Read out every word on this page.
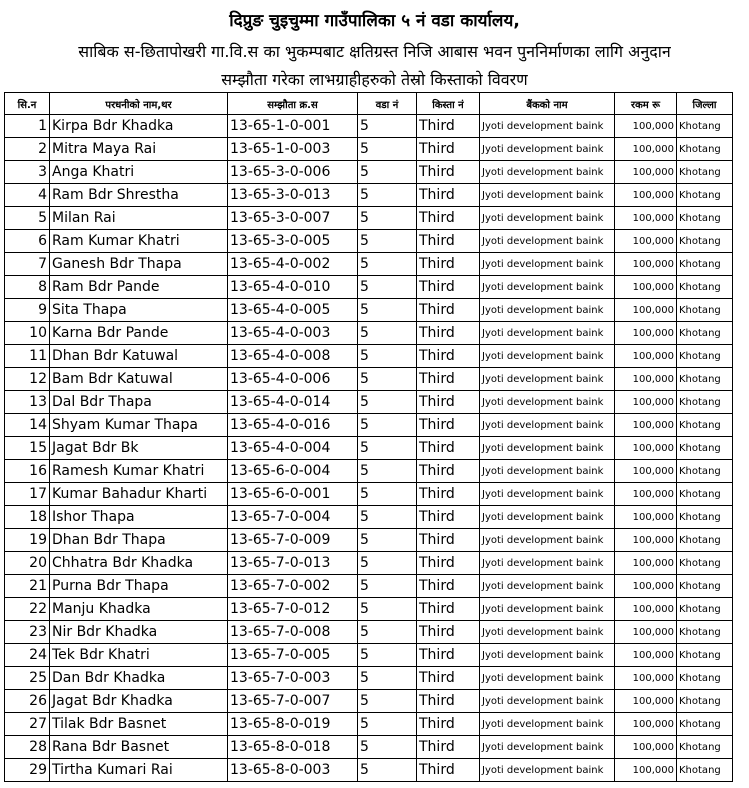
दिप्रुङ चुइचुम्मा गाउँपालिका ५ नं वडा कार्यालय,
साबिक स-छितापोखरी गा.वि.स का भुकम्पबाट क्षतिग्रस्त निजि आबास भवन पुननिर्माणका लागि अनुदान
सम्झौता गरेका लाभग्राहीहरुको तेस्रो किस्ताको विवरण
सि.न	परधनीको नाम,थर	सम्झौता क्र.स	वडा नं	किस्ता नं	बैंकको नाम	रकम रू	जिल्ला
1	Kirpa Bdr Khadka	13-65-1-0-001	5	Third	Jyoti development baink	100,000	Khotang
2	Mitra Maya Rai	13-65-1-0-003	5	Third	Jyoti development baink	100,000	Khotang
3	Anga Khatri	13-65-3-0-006	5	Third	Jyoti development baink	100,000	Khotang
4	Ram Bdr Shrestha	13-65-3-0-013	5	Third	Jyoti development baink	100,000	Khotang
5	Milan Rai	13-65-3-0-007	5	Third	Jyoti development baink	100,000	Khotang
6	Ram Kumar Khatri	13-65-3-0-005	5	Third	Jyoti development baink	100,000	Khotang
7	Ganesh Bdr Thapa	13-65-4-0-002	5	Third	Jyoti development baink	100,000	Khotang
8	Ram Bdr Pande	13-65-4-0-010	5	Third	Jyoti development baink	100,000	Khotang
9	Sita Thapa	13-65-4-0-005	5	Third	Jyoti development baink	100,000	Khotang
10	Karna Bdr Pande	13-65-4-0-003	5	Third	Jyoti development baink	100,000	Khotang
11	Dhan Bdr Katuwal	13-65-4-0-008	5	Third	Jyoti development baink	100,000	Khotang
12	Bam Bdr Katuwal	13-65-4-0-006	5	Third	Jyoti development baink	100,000	Khotang
13	Dal Bdr Thapa	13-65-4-0-014	5	Third	Jyoti development baink	100,000	Khotang
14	Shyam Kumar Thapa	13-65-4-0-016	5	Third	Jyoti development baink	100,000	Khotang
15	Jagat Bdr Bk	13-65-4-0-004	5	Third	Jyoti development baink	100,000	Khotang
16	Ramesh Kumar Khatri	13-65-6-0-004	5	Third	Jyoti development baink	100,000	Khotang
17	Kumar Bahadur Kharti	13-65-6-0-001	5	Third	Jyoti development baink	100,000	Khotang
18	Ishor Thapa	13-65-7-0-004	5	Third	Jyoti development baink	100,000	Khotang
19	Dhan Bdr Thapa	13-65-7-0-009	5	Third	Jyoti development baink	100,000	Khotang
20	Chhatra Bdr Khadka	13-65-7-0-013	5	Third	Jyoti development baink	100,000	Khotang
21	Purna Bdr Thapa	13-65-7-0-002	5	Third	Jyoti development baink	100,000	Khotang
22	Manju Khadka	13-65-7-0-012	5	Third	Jyoti development baink	100,000	Khotang
23	Nir Bdr Khadka	13-65-7-0-008	5	Third	Jyoti development baink	100,000	Khotang
24	Tek Bdr Khatri	13-65-7-0-005	5	Third	Jyoti development baink	100,000	Khotang
25	Dan Bdr Khadka	13-65-7-0-003	5	Third	Jyoti development baink	100,000	Khotang
26	Jagat Bdr Khadka	13-65-7-0-007	5	Third	Jyoti development baink	100,000	Khotang
27	Tilak Bdr Basnet	13-65-8-0-019	5	Third	Jyoti development baink	100,000	Khotang
28	Rana Bdr Basnet	13-65-8-0-018	5	Third	Jyoti development baink	100,000	Khotang
29	Tirtha Kumari Rai	13-65-8-0-003	5	Third	Jyoti development baink	100,000	Khotang
